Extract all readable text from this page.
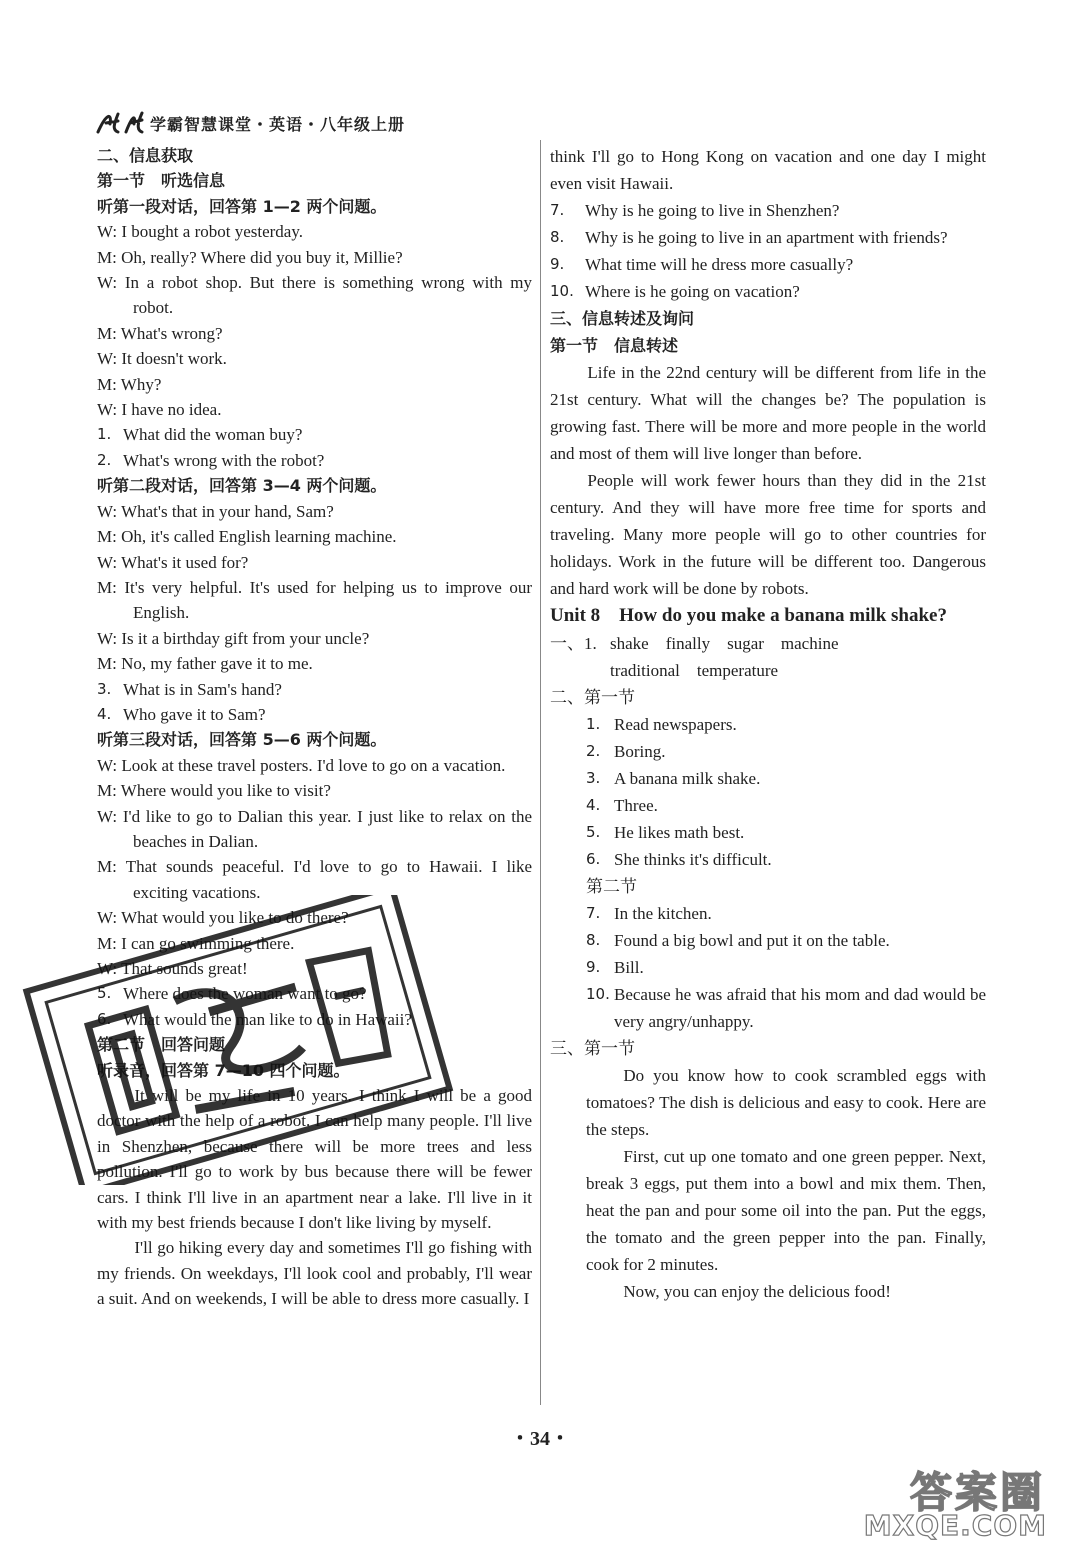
学霸智慧课堂・英语・八年级上册
二、信息获取
第一节　听选信息
听第一段对话，回答第 1—2 两个问题。
W: I bought a robot yesterday.
M: Oh, really? Where did you buy it, Millie?
W: In a robot shop. But there is something wrong with my robot.
M: What's wrong?
W: It doesn't work.
M: Why?
W: I have no idea.
1. What did the woman buy?
2. What's wrong with the robot?
听第二段对话，回答第 3—4 两个问题。
W: What's that in your hand, Sam?
M: Oh, it's called English learning machine.
W: What's it used for?
M: It's very helpful. It's used for helping us to improve our English.
W: Is it a birthday gift from your uncle?
M: No, my father gave it to me.
3. What is in Sam's hand?
4. Who gave it to Sam?
听第三段对话，回答第 5—6 两个问题。
W: Look at these travel posters. I'd love to go on a vacation.
M: Where would you like to visit?
W: I'd like to go to Dalian this year. I just like to relax on the beaches in Dalian.
M: That sounds peaceful. I'd love to go to Hawaii. I like exciting vacations.
W: What would you like to do there?
M: I can go swimming there.
W: That sounds great!
5. Where does the woman want to go?
6. What would the man like to do in Hawaii?
第二节　回答问题
听录音，回答第 7—10 四个问题。
It will be my life in 10 years. I think I will be a good doctor with the help of a robot. I can help many people. I'll live in Shenzhen, because there will be more trees and less pollution. I'll go to work by bus because there will be fewer cars. I think I'll live in an apartment near a lake. I'll live in it with my best friends because I don't like living by myself.
I'll go hiking every day and sometimes I'll go fishing with my friends. On weekdays, I'll look cool and probably, I'll wear a suit. And on weekends, I will be able to dress more casually. I
think I'll go to Hong Kong on vacation and one day I might even visit Hawaii.
7.	Why is he going to live in Shenzhen?
8.	Why is he going to live in an apartment with friends?
9.	What time will he dress more casually?
10. Where is he going on vacation?
三、信息转述及询问
第一节　信息转述
Life in the 22nd century will be different from life in the 21st century. What will the changes be? The population is growing fast. There will be more and more people in the world and most of them will live longer than before.
People will work fewer hours than they did in the 21st century. And they will have more free time for sports and traveling. Many more people will go to other countries for holidays. Work in the future will be different too. Dangerous and hard work will be done by robots.
Unit 8　How do you make a banana milk shake?
一、1. shake　finally　sugar　machine
traditional　temperature
二、第一节
1. Read newspapers.
2. Boring.
3. A banana milk shake.
4. Three.
5. He likes math best.
6. She thinks it's difficult.
第二节
7. In the kitchen.
8. Found a big bowl and put it on the table.
9. Bill.
10. Because he was afraid that his mom and dad would be very angry/unhappy.
三、第一节
Do you know how to cook scrambled eggs with tomatoes? The dish is delicious and easy to cook. Here are the steps.
First, cut up one tomato and one green pepper. Next, break 3 eggs, put them into a bowl and mix them. Then, heat the pan and pour some oil into the pan. Put the eggs, the tomato and the green pepper into the pan. Finally, cook for 2 minutes.
Now, you can enjoy the delicious food!
・34・
答案圈
MXQE.COM
